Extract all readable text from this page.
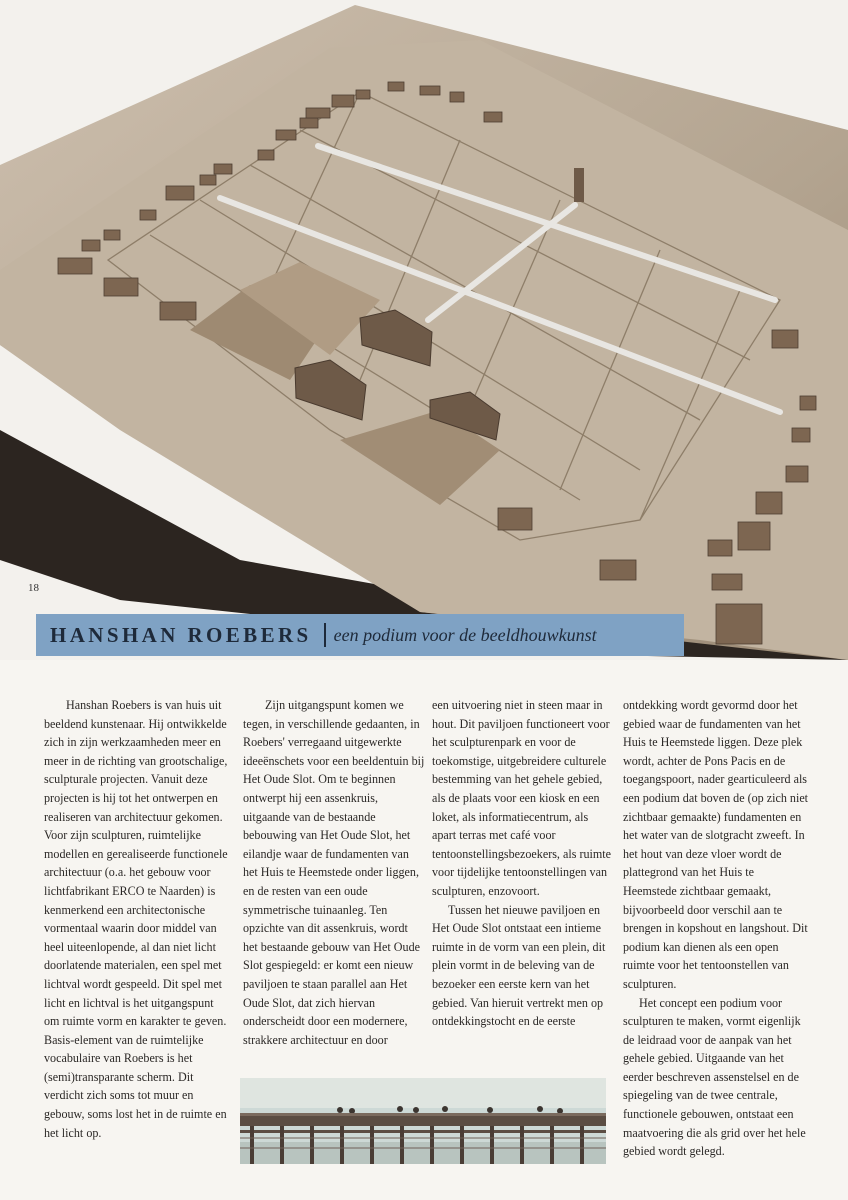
18
HANSHAN ROEBERS een podium voor de beeldhouwkunst

Hanshan Roebers is van huis uit beeldend kunstenaar. Hij ontwikkelde zich in zijn werkzaamheden meer en meer in de richting van grootschalige, sculpturale projecten. Vanuit deze projecten is hij tot het ontwerpen en realiseren van architectuur gekomen. Voor zijn sculpturen, ruimtelijke modellen en gerealiseerde functionele architectuur (o.a. het gebouw voor lichtfabrikant ERCO te Naarden) is kenmerkend een architectonische vormentaal waarin door middel van heel uiteenlopende, al dan niet licht doorlatende materialen, een spel met lichtval wordt gespeeld. Dit spel met licht en lichtval is het uitgangspunt om ruimte vorm en karakter te geven. Basis-element van de ruimtelijke vocabulaire van Roebers is het (semi)transparante scherm. Dit verdicht zich soms tot muur en gebouw, soms lost het in de ruimte en het licht op.

Zijn uitgangspunt komen we tegen, in verschillende gedaanten, in Roebers' verregaand uitgewerkte ideeënschets voor een beeldentuin bij Het Oude Slot. Om te beginnen ontwerpt hij een assenkruis, uitgaande van de bestaande bebouwing van Het Oude Slot, het eilandje waar de fundamenten van het Huis te Heemstede onder liggen, en de resten van een oude symmetrische tuinaanleg. Ten opzichte van dit assenkruis, wordt het bestaande gebouw van Het Oude Slot gespiegeld: er komt een nieuw paviljoen te staan parallel aan Het Oude Slot, dat zich hiervan onderscheidt door een modernere, strakkere architectuur en door

een uitvoering niet in steen maar in hout. Dit paviljoen functioneert voor het sculpturenpark en voor de toekomstige, uitgebreidere culturele bestemming van het gehele gebied, als de plaats voor een kiosk en een loket, als informatiecentrum, als apart terras met café voor tentoonstellingsbezoekers, als ruimte voor tijdelijke tentoonstellingen van sculpturen, enzovoort.

Tussen het nieuwe paviljoen en Het Oude Slot ontstaat een intieme ruimte in de vorm van een plein, dit plein vormt in de beleving van de bezoeker een eerste kern van het gebied. Van hieruit vertrekt men op ontdekkingstocht en de eerste

ontdekking wordt gevormd door het gebied waar de fundamenten van het Huis te Heemstede liggen. Deze plek wordt, achter de Pons Pacis en de toegangspoort, nader gearticuleerd als een podium dat boven de (op zich niet zichtbaar gemaakte) fundamenten en het water van de slotgracht zweeft. In het hout van deze vloer wordt de plattegrond van het Huis te Heemstede zichtbaar gemaakt, bijvoorbeeld door verschil aan te brengen in kopshout en langshout. Dit podium kan dienen als een open ruimte voor het tentoonstellen van sculpturen.

Het concept een podium voor sculpturen te maken, vormt eigenlijk de leidraad voor de aanpak van het gehele gebied. Uitgaande van het eerder beschreven assenstelsel en de spiegeling van de twee centrale, functionele gebouwen, ontstaat een maatvoering die als grid over het hele gebied wordt gelegd.
